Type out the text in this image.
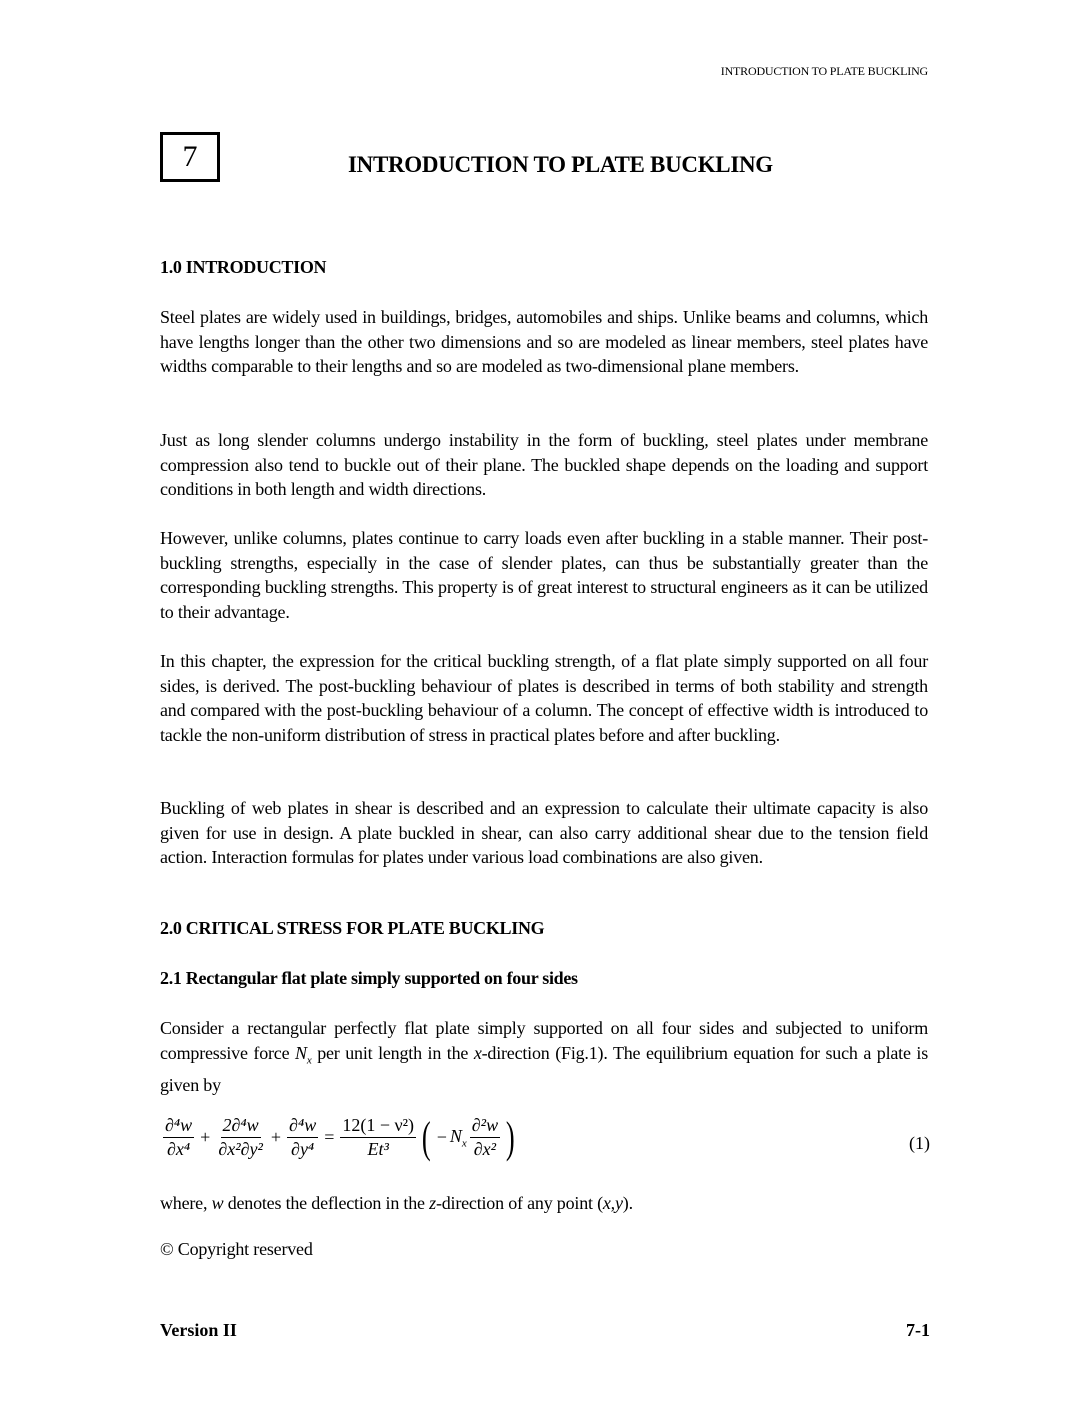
INTRODUCTION TO PLATE BUCKLING
7	INTRODUCTION TO PLATE BUCKLING

1.0 INTRODUCTION

Steel plates are widely used in buildings, bridges, automobiles and ships. Unlike beams and columns, which have lengths longer than the other two dimensions and so are modeled as linear members, steel plates have widths comparable to their lengths and so are modeled as two-dimensional plane members.

Just as long slender columns undergo instability in the form of buckling, steel plates under membrane compression also tend to buckle out of their plane. The buckled shape depends on the loading and support conditions in both length and width directions.

However, unlike columns, plates continue to carry loads even after buckling in a stable manner. Their post-buckling strengths, especially in the case of slender plates, can thus be substantially greater than the corresponding buckling strengths. This property is of great interest to structural engineers as it can be utilized to their advantage.

In this chapter, the expression for the critical buckling strength, of a flat plate simply supported on all four sides, is derived. The post-buckling behaviour of plates is described in terms of both stability and strength and compared with the post-buckling behaviour of a column. The concept of effective width is introduced to tackle the non-uniform distribution of stress in practical plates before and after buckling.

Buckling of web plates in shear is described and an expression to calculate their ultimate capacity is also given for use in design. A plate buckled in shear, can also carry additional shear due to the tension field action. Interaction formulas for plates under various load combinations are also given.

2.0 CRITICAL STRESS FOR PLATE BUCKLING

2.1 Rectangular flat plate simply supported on four sides

Consider a rectangular perfectly flat plate simply supported on all four sides and subjected to uniform compressive force $N_x$ per unit length in the x-direction (Fig.1). The equilibrium equation for such a plate is given by

$\frac{\text{∂⁴w}}{\text{∂x⁴}} + \frac{\text{2∂⁴w}}{\text{∂x²∂y²}} + \frac{\text{∂⁴w}}{\text{∂y⁴}} = \frac{\text{12(1 − ν²)}}{\text{Et³}}$ ( − $N_x \frac{\text{∂²w}}{\text{∂x²}}$ )	(1)

where, w denotes the deflection in the z-direction of any point (x,y).

© Copyright reserved

Version II	7-1
